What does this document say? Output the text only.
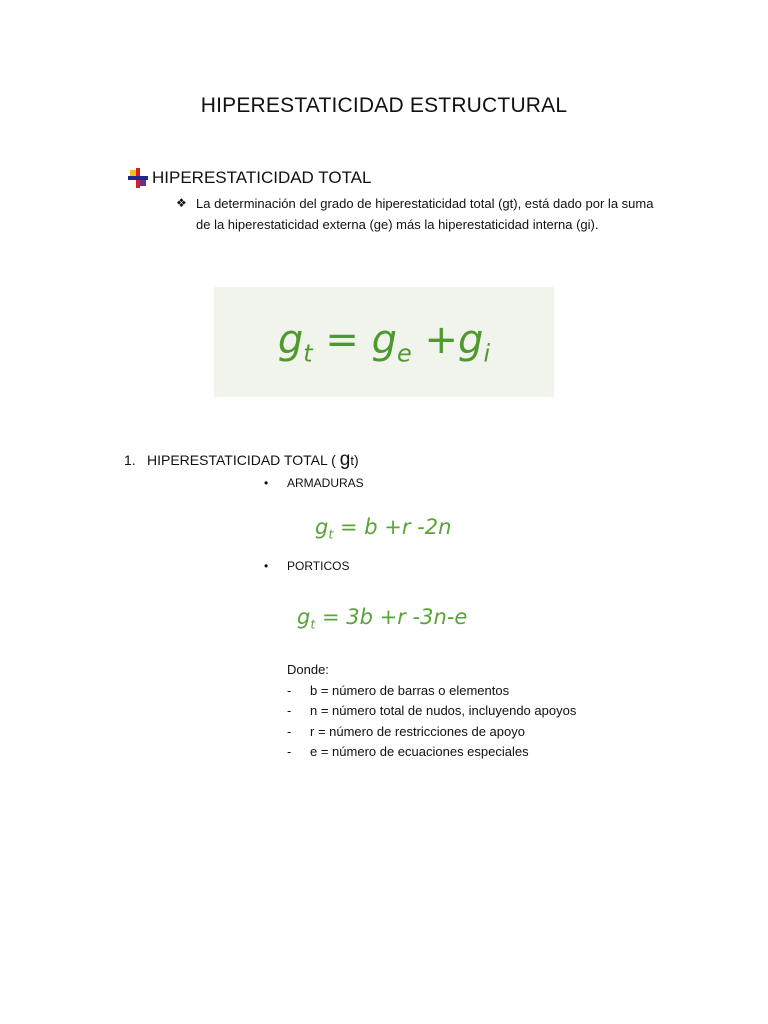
HIPERESTATICIDAD ESTRUCTURAL
HIPERESTATICIDAD TOTAL
❖ La determinación del grado de hiperestaticidad total (gt), está dado por la suma de la hiperestaticidad externa (ge) más la hiperestaticidad interna (gi).
$g_t = g_e +g_i$
1. HIPERESTATICIDAD TOTAL ( g t )
•	ARMADURAS
$g_t = b +r$ -2n
•	PORTICOS
$g_t = 3b +r$ -3n-e
Donde:
-	b = número de barras o elementos
-	n = número total de nudos, incluyendo apoyos
-	r = número de restricciones de apoyo
-	e = número de ecuaciones especiales
